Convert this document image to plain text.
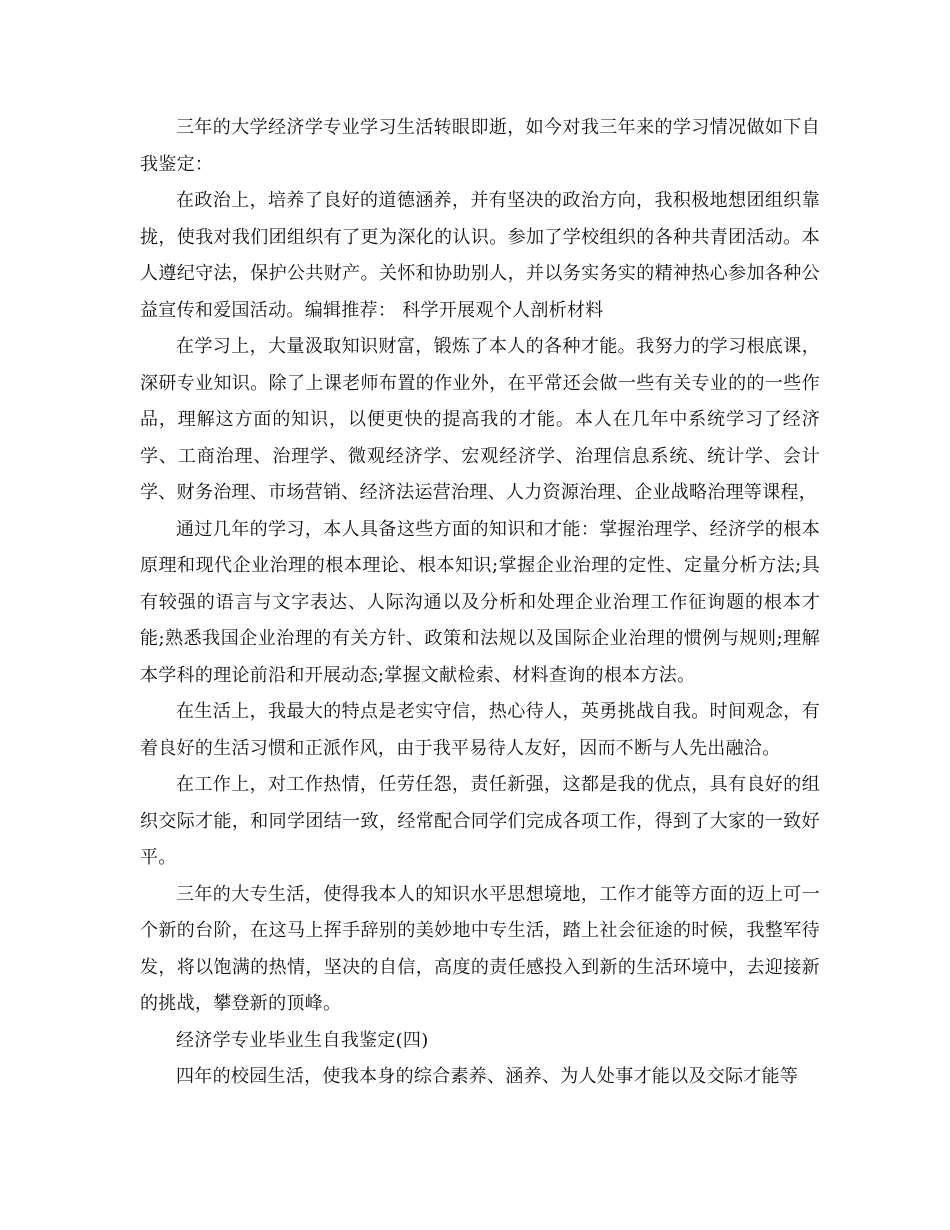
三年的大学经济学专业学习生活转眼即逝，如今对我三年来的学习情况做如下自我鉴定：

在政治上，培养了良好的道德涵养，并有坚决的政治方向，我积极地想团组织靠拢，使我对我们团组织有了更为深化的认识。参加了学校组织的各种共青团活动。本人遵纪守法，保护公共财产。关怀和协助别人，并以务实务实的精神热心参加各种公益宣传和爱国活动。编辑推荐： 科学开展观个人剖析材料

在学习上，大量汲取知识财富，锻炼了本人的各种才能。我努力的学习根底课，深研专业知识。除了上课老师布置的作业外，在平常还会做一些有关专业的的一些作品，理解这方面的知识，以便更快的提高我的才能。本人在几年中系统学习了经济学、工商治理、治理学、微观经济学、宏观经济学、治理信息系统、统计学、会计学、财务治理、市场营销、经济法运营治理、人力资源治理、企业战略治理等课程，

通过几年的学习，本人具备这些方面的知识和才能：掌握治理学、经济学的根本原理和现代企业治理的根本理论、根本知识;掌握企业治理的定性、定量分析方法;具有较强的语言与文字表达、人际沟通以及分析和处理企业治理工作征询题的根本才能;熟悉我国企业治理的有关方针、政策和法规以及国际企业治理的惯例与规则;理解本学科的理论前沿和开展动态;掌握文献检索、材料查询的根本方法。

在生活上，我最大的特点是老实守信，热心待人，英勇挑战自我。时间观念，有着良好的生活习惯和正派作风，由于我平易待人友好，因而不断与人先出融洽。

在工作上，对工作热情，任劳任怨，责任新强，这都是我的优点，具有良好的组织交际才能，和同学团结一致，经常配合同学们完成各项工作，得到了大家的一致好平。

三年的大专生活，使得我本人的知识水平思想境地，工作才能等方面的迈上可一个新的台阶，在这马上挥手辞别的美妙地中专生活，踏上社会征途的时候，我整军待发，将以饱满的热情，坚决的自信，高度的责任感投入到新的生活环境中，去迎接新的挑战，攀登新的顶峰。

经济学专业毕业生自我鉴定(四)

四年的校园生活，使我本身的综合素养、涵养、为人处事才能以及交际才能等
